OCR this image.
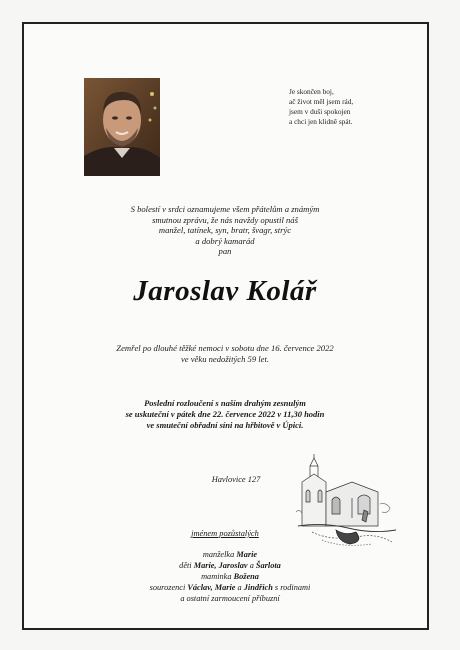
Je skončen boj,
ač život měl jsem rád,
jsem v duši spokojen
a chci jen klidně spát.
S bolestí v srdci oznamujeme všem přátelům a známým
smutnou zprávu, že nás navždy opustil náš
manžel, tatínek, syn, bratr, švagr, strýc
a dobrý kamarád
pan
Jaroslav Kolář
Zemřel po dlouhé těžké nemoci v sobotu dne 16. července 2022
ve věku nedožitých 59 let.
Poslední rozloučení s naším drahým zesnulým
se uskuteční v pátek dne 22. července 2022 v 11,30 hodin
ve smuteční obřadní síni na hřbitově v Úpici.
Havlovice 127
jménem pozůstalých
manželka Marie
děti Marie, Jaroslav a Šarlota
maminka Božena
sourozenci Václav, Marie a Jindřich s rodinami
a ostatní zarmoucení příbuzní
